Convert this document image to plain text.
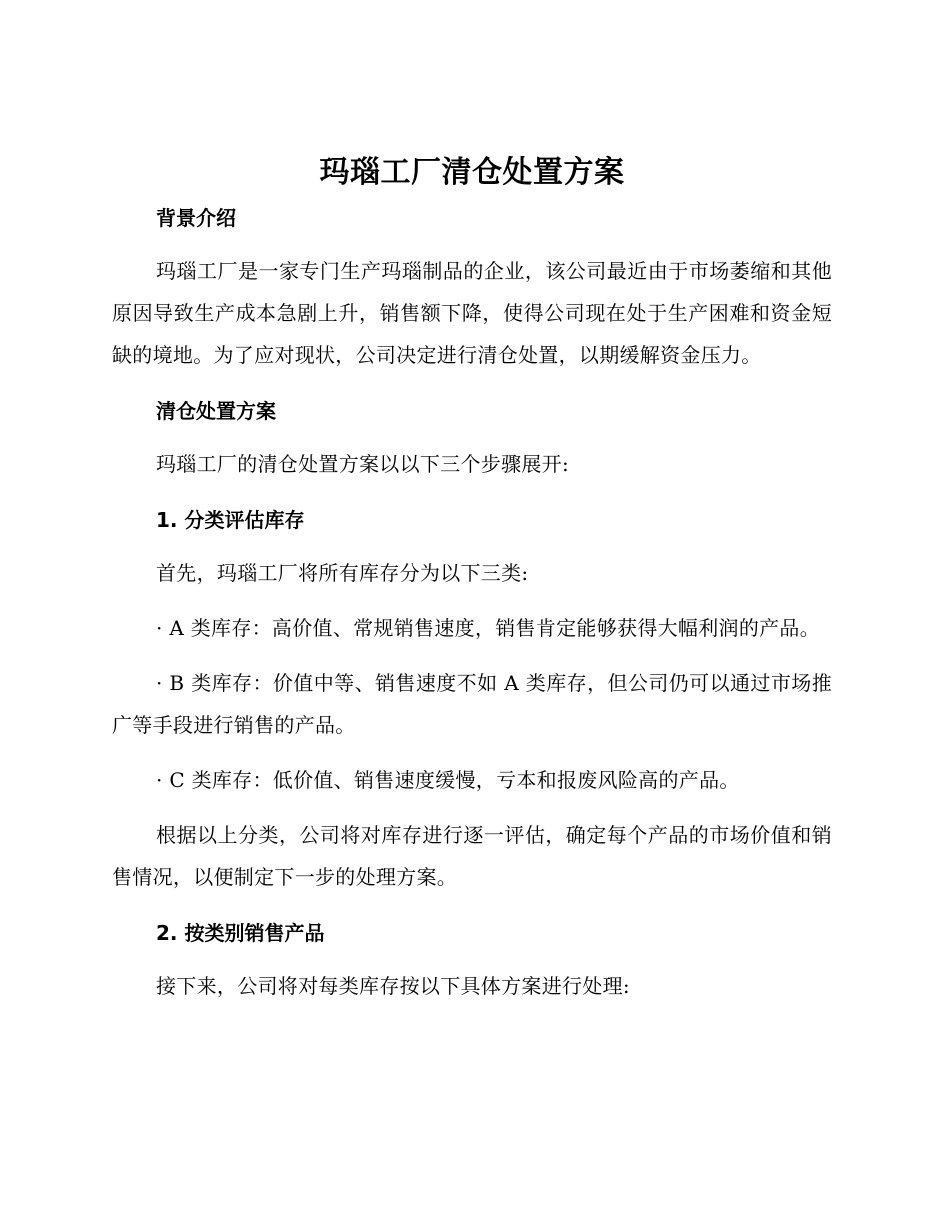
玛瑙工厂清仓处置方案
背景介绍

玛瑙工厂是一家专门生产玛瑙制品的企业，该公司最近由于市场萎缩和其他原因导致生产成本急剧上升，销售额下降，使得公司现在处于生产困难和资金短缺的境地。为了应对现状，公司决定进行清仓处置，以期缓解资金压力。

清仓处置方案

玛瑙工厂的清仓处置方案以以下三个步骤展开:

1. 分类评估库存

首先，玛瑙工厂将所有库存分为以下三类:

· A 类库存：高价值、常规销售速度，销售肯定能够获得大幅利润的产品。

· B 类库存：价值中等、销售速度不如 A 类库存，但公司仍可以通过市场推广等手段进行销售的产品。

· C 类库存：低价值、销售速度缓慢，亏本和报废风险高的产品。

根据以上分类，公司将对库存进行逐一评估，确定每个产品的市场价值和销售情况，以便制定下一步的处理方案。

2. 按类别销售产品

接下来，公司将对每类库存按以下具体方案进行处理:
